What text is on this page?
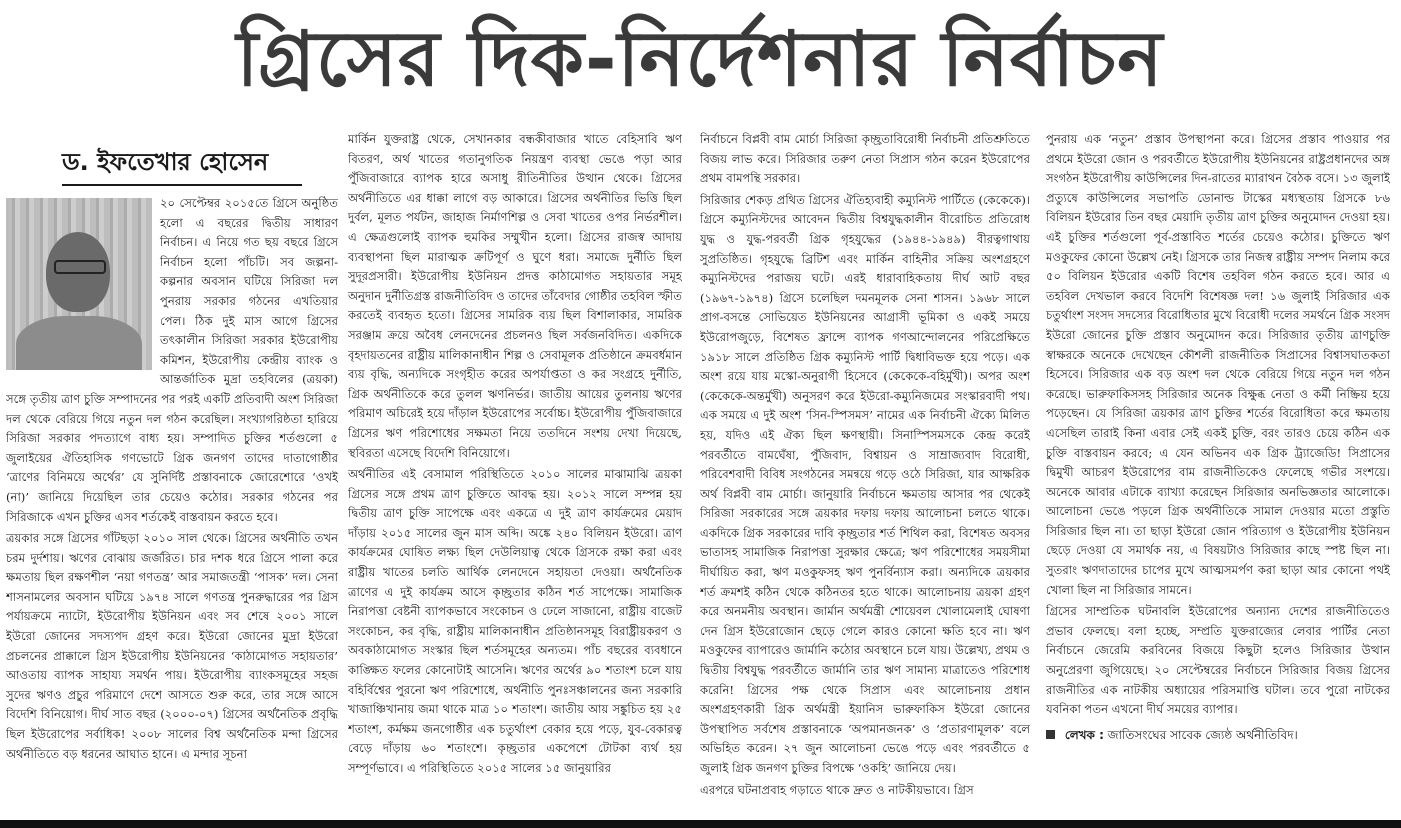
গ্রিসের দিক-নির্দেশনার নির্বাচন
ড. ইফতেখার হোসেন

২০ সেপ্টেম্বর ২০১৫তে গ্রিসে অনুষ্ঠিত হলো এ বছরের দ্বিতীয় সাধারণ নির্বাচন। এ নিয়ে গত ছয় বছরে গ্রিসে নির্বাচন হলো পাঁচটি। সব জল্পনা-কল্পনার অবসান ঘটিয়ে সিরিজা দল পুনরায় সরকার গঠনের এখতিয়ার পেল। ঠিক দুই মাস আগে গ্রিসের তৎকালীন সিরিজা সরকার ইউরোপীয় কমিশন, ইউরোপীয় কেন্দ্রীয় ব্যাংক ও আন্তর্জাতিক মুদ্রা তহবিলের (ত্রয়কা) সঙ্গে তৃতীয় ত্রাণ চুক্তি সম্পাদনের পর পরই একটি প্রতিবাদী অংশ সিরিজা দল থেকে বেরিয়ে গিয়ে নতুন দল গঠন করেছিল। সংখ্যাগরিষ্ঠতা হারিয়ে সিরিজা সরকার পদত্যাগে বাধ্য হয়। সম্পাদিত চুক্তির শর্তগুলো ৫ জুলাইয়ের ঐতিহাসিক গণভোটে গ্রিক জনগণ তাদের দাতাগোষ্ঠীর ‘ত্রাণের বিনিময়ে অর্থের’ যে সুনির্দিষ্ট প্রস্তাবনাকে জোরেশোরে ‘ওখই (না)’ জানিয়ে দিয়েছিল তার চেয়েও কঠোর। সরকার গঠনের পর সিরিজাকে এখন চুক্তির এসব শর্তকেই বাস্তবায়ন করতে হবে।

ত্রয়কার সঙ্গে গ্রিসের গাঁটছড়া ২০১০ সাল থেকে। গ্রিসের অর্থনীতি তখন চরম দুর্দশায়। ঋণের বোঝায় জর্জরিত। চার দশক ধরে গ্রিসে পালা করে ক্ষমতায় ছিল রক্ষণশীল ‘নয়া গণতন্ত্র’ আর সমাজতন্ত্রী ‘পাসক’ দল। সেনা শাসনামলের অবসান ঘটিয়ে ১৯৭৪ সালে গণতন্ত্র পুনরুদ্ধারের পর গ্রিস পর্যায়ক্রমে ন্যাটো, ইউরোপীয় ইউনিয়ন এবং সব শেষে ২০০১ সালে ইউরো জোনের সদস্যপদ গ্রহণ করে। ইউরো জোনের মুদ্রা ইউরো প্রচলনের প্রাক্কালে গ্রিস ইউরোপীয় ইউনিয়নের ‘কাঠামোগত সহায়তার’ আওতায় ব্যাপক সাহায্য সমর্থন পায়। ইউরোপীয় ব্যাংকসমূহের সহজ সুদের ঋণও প্রচুর পরিমাণে দেশে আসতে শুরু করে, তার সঙ্গে আসে বিদেশি বিনিয়োগ। দীর্ঘ সাত বছর (২০০০-০৭) গ্রিসের অর্থনৈতিক প্রবৃদ্ধি ছিল ইউরোপের সর্বাধিক! ২০০৮ সালের বিশ্ব অর্থনৈতিক মন্দা গ্রিসের অর্থনীতিতে বড় ধরনের আঘাত হানে। এ মন্দার সূচনা

মার্কিন যুক্তরাষ্ট্র থেকে, সেখানকার বন্ধকীবাজার খাতে বেহিসাবি ঋণ বিতরণ, অর্থ খাতের গতানুগতিক নিয়ন্ত্রণ ব্যবস্থা ভেঙে পড়া আর পুঁজিবাজারে ব্যাপক হারে অসাধু রীতিনীতির উত্থান থেকে। গ্রিসের অর্থনীতিতে এর ধাক্কা লাগে বড় আকারে। গ্রিসের অর্থনীতির ভিত্তি ছিল দুর্বল, মূলত পর্যটন, জাহাজ নির্মাণশিল্প ও সেবা খাতের ওপর নির্ভরশীল। এ ক্ষেত্রগুলোই ব্যাপক হুমকির সম্মুখীন হলো। গ্রিসের রাজস্ব আদায় ব্যবস্থাপনা ছিল মারাত্মক ক্রটিপূর্ণ ও ঘুণে ধরা। সমাজে দুর্নীতি ছিল সুদূরপ্রসারী। ইউরোপীয় ইউনিয়ন প্রদত্ত কাঠামোগত সহায়তার সমূহ অনুদান দুর্নীতিগ্রস্ত রাজনীতিবিদ ও তাদের তাঁবেদার গোষ্ঠীর তহবিল স্ফীত করতেই ব্যবহৃত হতো। গ্রিসের সামরিক ব্যয় ছিল বিশালাকার, সামরিক সরঞ্জাম ক্রয়ে অবৈধ লেনদেনের প্রচলনও ছিল সর্বজনবিদিত। একদিকে বৃহদায়তনের রাষ্ট্রীয় মালিকানাধীন শিল্প ও সেবামূলক প্রতিষ্ঠানে ক্রমবর্ধমান ব্যয় বৃদ্ধি, অন্যদিকে সংগৃহীত করের অপর্যাপ্ততা ও কর সংগ্রহে দুর্নীতি, গ্রিক অর্থনীতিকে করে তুলল ঋণনির্ভর। জাতীয় আয়ের তুলনায় ঋণের পরিমাণ অচিরেই হয়ে দাঁড়াল ইউরোপের সর্বোচ্চ। ইউরোপীয় পুঁজিবাজারে গ্রিসের ঋণ পরিশোধের সক্ষমতা নিয়ে ততদিনে সংশয় দেখা দিয়েছে, স্থবিরতা এসেছে বিদেশি বিনিয়োগে।

অর্থনীতির এই বেসামাল পরিস্থিতিতে ২০১০ সালের মাঝামাঝি ত্রয়কা গ্রিসের সঙ্গে প্রথম ত্রাণ চুক্তিতে আবদ্ধ হয়। ২০১২ সালে সম্পন্ন হয় দ্বিতীয় ত্রাণ চুক্তি সাপেক্ষে এবং একত্রে এ দুই ত্রাণ কার্যক্রমের মেয়াদ দাঁড়ায় ২০১৫ সালের জুন মাস অব্দি। অঙ্কে ২৪০ বিলিয়ন ইউরো। ত্রাণ কার্যক্রমের ঘোষিত লক্ষ্য ছিল দেউলিয়াত্ব থেকে গ্রিসকে রক্ষা করা এবং রাষ্ট্রীয় খাতের চলতি আর্থিক লেনদেনে সহায়তা দেওয়া। অর্থনৈতিক ত্রাণের এ দুই কার্যক্রম আসে কৃচ্ছ্রতার কঠিন শর্ত সাপেক্ষে। সামাজিক নিরাপত্তা বেষ্টনী ব্যাপকভাবে সংকোচন ও ঢেলে সাজানো, রাষ্ট্রীয় বাজেট সংকোচন, কর বৃদ্ধি, রাষ্ট্রীয় মালিকানাধীন প্রতিষ্ঠানসমূহ বিরাষ্ট্রীয়করণ ও অবকাঠামোগত সংস্কার ছিল শর্তসমূহের অন্যতম। পাঁচ বছরের ব্যবধানে কাঙ্ক্ষিত ফলের কোনোটাই আসেনি। ঋণের অর্থের ৯০ শতাংশ চলে যায় বহির্বিশ্বের পুরনো ঋণ পরিশোধে, অর্থনীতি পুনঃসঞ্চালনের জন্য সরকারি খাজাঞ্চিখানায় জমা থাকে মাত্র ১০ শতাংশ। জাতীয় আয় সঙ্কুচিত হয় ২৫ শতাংশ, কর্মক্ষম জনগোষ্ঠীর এক চতুর্থাংশ বেকার হয়ে পড়ে, যুব-বেকারত্ব বেড়ে দাঁড়ায় ৬০ শতাংশে। কৃচ্ছ্রতার একপেশে টোটকা ব্যর্থ হয় সম্পূর্ণভাবে। এ পরিস্থিতিতে ২০১৫ সালের ১৫ জানুয়ারির

নির্বাচনে বিপ্লবী বাম মোর্চা সিরিজা কৃচ্ছ্রতাবিরোধী নির্বাচনী প্রতিশ্রুতিতে বিজয় লাভ করে। সিরিজার তরুণ নেতা সিপ্রাস গঠন করেন ইউরোপের প্রথম বামপন্থি সরকার।

সিরিজার শেকড় প্রথিত গ্রিসের ঐতিহ্যবাহী কম্যুনিস্ট পার্টিতে (কেকেকে)। গ্রিসে কম্যুনিস্টদের আবেদন দ্বিতীয় বিশ্বযুদ্ধকালীন বীরোচিত প্রতিরোধ যুদ্ধ ও যুদ্ধ-পরবর্তী গ্রিক গৃহযুদ্ধের (১৯৪৪-১৯৪৯) বীরত্বগাথায় সুপ্রতিষ্ঠিত। গৃহযুদ্ধে ব্রিটিশ এবং মার্কিন বাহিনীর সক্রিয় অংশগ্রহণে কম্যুনিস্টদের পরাজয় ঘটে। এরই ধারাবাহিকতায় দীর্ঘ আট বছর (১৯৬৭-১৯৭৪) গ্রিসে চলেছিল দমনমূলক সেনা শাসন। ১৯৬৮ সালে প্রাগ-বসন্তে সোভিয়েত ইউনিয়নের আগ্রাসী ভূমিকা ও একই সময়ে ইউরোপজুড়ে, বিশেষত ফ্রান্সে ব্যাপক গণআন্দোলনের পরিপ্রেক্ষিতে ১৯১৮ সালে প্রতিষ্ঠিত গ্রিক কম্যুনিস্ট পার্টি দ্বিধাবিভক্ত হয়ে পড়ে। এক অংশ রয়ে যায় মস্কো-অনুরাগী হিসেবে (কেকেকে-বহির্মুখী)। অপর অংশ (কেকেকে-অন্তর্মুখী) অনুসরণ করে ইউরো-কম্যুনিজমের সংস্কারবাদী পথ। এক সময়ে এ দুই অংশ ‘সিন-স্পিসমস’ নামের এক নির্বাচনী ঐক্যে মিলিত হয়, যদিও এই ঐক্য ছিল ক্ষণস্থায়ী। সিনাস্পিসমসকে কেন্দ্র করেই পরবর্তীতে বামঘেঁষা, পুঁজিবাদ, বিশ্বায়ন ও সাম্রাজ্যবাদ বিরোধী, পরিবেশবাদী বিবিধ সংগঠনের সমন্বয়ে গড়ে ওঠে সিরিজা, যার আক্ষরিক অর্থ বিপ্লবী বাম মোর্চা। জানুয়ারি নির্বাচনে ক্ষমতায় আসার পর থেকেই সিরিজা সরকারের সঙ্গে ত্রয়কার দফায় দফায় আলোচনা চলতে থাকে। একদিকে গ্রিক সরকারের দাবি কৃচ্ছ্রতার শর্ত শিথিল করা, বিশেষত অবসর ভাতাসহ সামাজিক নিরাপত্তা সুরক্ষার ক্ষেত্রে; ঋণ পরিশোধের সময়সীমা দীর্ঘায়িত করা, ঋণ মওকুফসহ ঋণ পুনর্বিন্যাস করা। অন্যদিকে ত্রয়কার শর্ত ক্রমশই কঠিন থেকে কঠিনতর হতে থাকে। আলোচনায় ত্রয়কা গ্রহণ করে অনমনীয় অবস্থান। জার্মান অর্থমন্ত্রী শোয়েবল খোলামেলাই ঘোষণা দেন গ্রিস ইউরোজোন ছেড়ে গেলে কারও কোনো ক্ষতি হবে না। ঋণ মওকুফের ব্যাপারেও জার্মানি কঠোর অবস্থানে চলে যায়। উল্লেখ্য, প্রথম ও দ্বিতীয় বিশ্বযুদ্ধ পরবর্তীতে জার্মানি তার ঋণ সামান্য মাত্রাতেও পরিশোধ করেনি! গ্রিসের পক্ষ থেকে সিপ্রাস এবং আলোচনায় প্রধান অংশগ্রহণকারী গ্রিক অর্থমন্ত্রী ইয়ানিস ভারুফাকিস ইউরো জোনের উপস্থাপিত সর্বশেষ প্রস্তাবনাকে ‘অপমানজনক’ ও ‘প্রতারণামূলক’ বলে অভিহিত করেন। ২৭ জুন আলোচনা ভেঙে পড়ে এবং পরবর্তীতে ৫ জুলাই গ্রিক জনগণ চুক্তির বিপক্ষে ‘ওকহি’ জানিয়ে দেয়।

এরপরে ঘটনাপ্রবাহ গড়াতে থাকে দ্রুত ও নাটকীয়ভাবে। গ্রিস

পুনরায় এক ‘নতুন’ প্রস্তাব উপস্থাপনা করে। গ্রিসের প্রস্তাব পাওয়ার পর প্রথমে ইউরো জোন ও পরবর্তীতে ইউরোপীয় ইউনিয়নের রাষ্ট্রপ্রধানদের অঙ্গ সংগঠন ইউরোপীয় কাউন্সিলের দিন-রাতের ম্যারাথন বৈঠক বসে। ১৩ জুলাই প্রত্যুষে কাউন্সিলের সভাপতি ডোনাল্ড টাস্কের মধ্যস্থতায় গ্রিসকে ৮৬ বিলিয়ন ইউরোর তিন বছর মেয়াদি তৃতীয় ত্রাণ চুক্তির অনুমোদন দেওয়া হয়। এই চুক্তির শর্তগুলো পূর্ব-প্রস্তাবিত শর্তের চেয়েও কঠোর। চুক্তিতে ঋণ মওকুফের কোনো উল্লেখ নেই। গ্রিসকে তার নিজস্ব রাষ্ট্রীয় সম্পদ নিলাম করে ৫০ বিলিয়ন ইউরোর একটি বিশেষ তহবিল গঠন করতে হবে। আর এ তহবিল দেখভাল করবে বিদেশি বিশেষজ্ঞ দল! ১৬ জুলাই সিরিজার এক চতুর্থাংশ সংসদ সদস্যের বিরোধিতার মুখে বিরোধী দলের সমর্থনে গ্রিক সংসদ ইউরো জোনের চুক্তি প্রস্তাব অনুমোদন করে। সিরিজার তৃতীয় ত্রাণচুক্তি স্বাক্ষরকে অনেকে দেখেছেন কৌশলী রাজনীতিক সিপ্রাসের বিশ্বাসঘাতকতা হিসেবে। সিরিজার এক বড় অংশ দল থেকে বেরিয়ে গিয়ে নতুন দল গঠন করেছে। ভারুফাকিসসহ সিরিজার অনেক বিক্ষুব্ধ নেতা ও কর্মী নিষ্ক্রিয় হয়ে পড়েছেন। যে সিরিজা ত্রয়কার ত্রাণ চুক্তির শর্তের বিরোধিতা করে ক্ষমতায় এসেছিল তারাই কিনা এবার সেই একই চুক্তি, বরং তারও চেয়ে কঠিন এক চুক্তি বাস্তবায়ন করবে; এ যেন অভিনব এক গ্রিক ট্র্যাজেডি! সিপ্রাসের দ্বিমুখী আচরণ ইউরোপের বাম রাজনীতিকেও ফেলেছে গভীর সংশয়ে। অনেকে আবার এটাকে ব্যাখ্যা করেছেন সিরিজার অনভিজ্ঞতার আলোকে। আলোচনা ভেঙে পড়লে গ্রিক অর্থনীতিকে সামাল দেওয়ার মতো প্রস্তুতি সিরিজার ছিল না। তা ছাড়া ইউরো জোন পরিত্যাগ ও ইউরোপীয় ইউনিয়ন ছেড়ে দেওয়া যে সমার্থক নয়, এ বিষয়টাও সিরিজার কাছে স্পষ্ট ছিল না। সুতরাং ঋণদাতাদের চাপের মুখে আত্মসমর্পণ করা ছাড়া আর কোনো পথই খোলা ছিল না সিরিজার সামনে।

গ্রিসের সাম্প্রতিক ঘটনাবলি ইউরোপের অন্যান্য দেশের রাজনীতিতেও প্রভাব ফেলছে। বলা হচ্ছে, সম্প্রতি যুক্তরাজ্যের লেবার পার্টির নেতা নির্বাচনে জেরেমি করবিনের বিজয়ে কিছুটা হলেও সিরিজার উত্থান অনুপ্রেরণা জুগিয়েছে। ২০ সেপ্টেম্বরের নির্বাচনে সিরিজার বিজয় গ্রিসের রাজনীতির এক নাটকীয় অধ্যায়ের পরিসমাপ্তি ঘটাল। তবে পুরো নাটকের যবনিকা পতন এখনো দীর্ঘ সময়ের ব্যাপার।

লেখক : জাতিসংঘের সাবেক জ্যেষ্ঠ অর্থনীতিবিদ।
